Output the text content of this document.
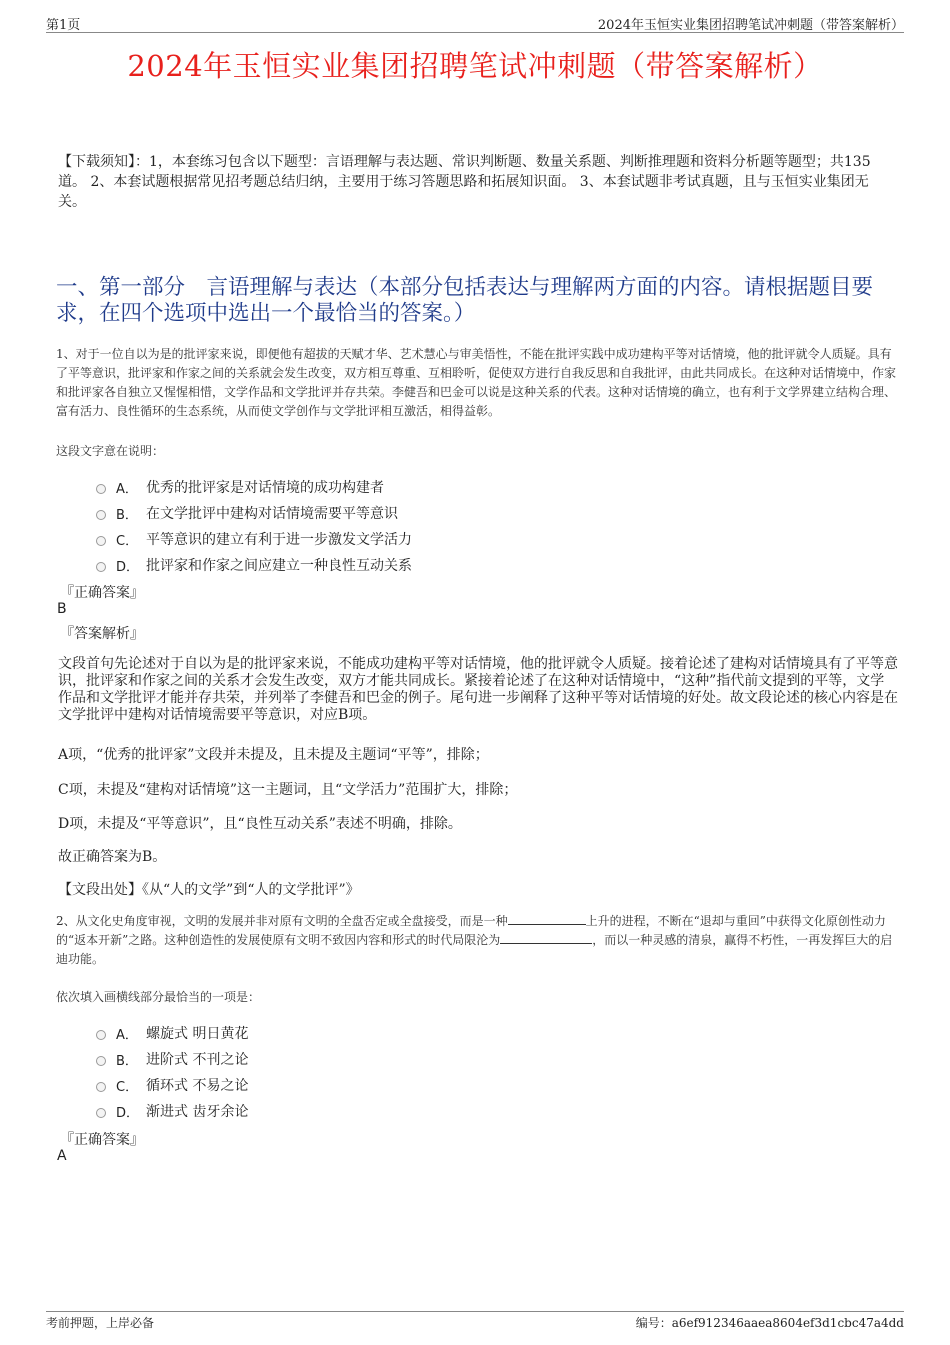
第1页	2024年玉恒实业集团招聘笔试冲刺题（带答案解析）
2024年玉恒实业集团招聘笔试冲刺题（带答案解析）
【下载须知】：1，本套练习包含以下题型：言语理解与表达题、常识判断题、数量关系题、判断推理题和资料分析题等题型；共135道。 2、本套试题根据常见招考题总结归纳，主要用于练习答题思路和拓展知识面。 3、本套试题非考试真题，且与玉恒实业集团无关。
一、第一部分　言语理解与表达（本部分包括表达与理解两方面的内容。请根据题目要求，在四个选项中选出一个最恰当的答案。）
1、对于一位自以为是的批评家来说，即便他有超拔的天赋才华、艺术慧心与审美悟性，不能在批评实践中成功建构平等对话情境，他的批评就令人质疑。具有了平等意识，批评家和作家之间的关系就会发生改变，双方相互尊重、互相聆听，促使双方进行自我反思和自我批评，由此共同成长。在这种对话情境中，作家和批评家各自独立又惺惺相惜，文学作品和文学批评并存共荣。李健吾和巴金可以说是这种关系的代表。这种对话情境的确立，也有利于文学界建立结构合理、富有活力、良性循环的生态系统，从而使文学创作与文学批评相互激活，相得益彰。
这段文字意在说明：
A． 优秀的批评家是对话情境的成功构建者
B． 在文学批评中建构对话情境需要平等意识
C． 平等意识的建立有利于进一步激发文学活力
D． 批评家和作家之间应建立一种良性互动关系
『正确答案』
B
『答案解析』
文段首句先论述对于自以为是的批评家来说，不能成功建构平等对话情境，他的批评就令人质疑。接着论述了建构对话情境具有了平等意识，批评家和作家之间的关系才会发生改变，双方才能共同成长。紧接着论述了在这种对话情境中，“这种”指代前文提到的平等，文学作品和文学批评才能并存共荣，并列举了李健吾和巴金的例子。尾句进一步阐释了这种平等对话情境的好处。故文段论述的核心内容是在文学批评中建构对话情境需要平等意识，对应B项。
A项，“优秀的批评家”文段并未提及，且未提及主题词“平等”，排除；
C项，未提及“建构对话情境”这一主题词，且“文学活力”范围扩大，排除；
D项，未提及“平等意识”，且“良性互动关系”表述不明确，排除。
故正确答案为B。
【文段出处】《从“人的文学”到“人的文学批评”》
2、从文化史角度审视，文明的发展并非对原有文明的全盘否定或全盘接受，而是一种	上升的进程，不断在“退却与重回”中获得文化原创性动力的“返本开新”之路。这种创造性的发展使原有文明不致因内容和形式的时代局限沦为	，而以一种灵感的清泉，赢得不朽性，一再发挥巨大的启迪功能。
依次填入画横线部分最恰当的一项是：
A． 螺旋式 明日黄花
B． 进阶式 不刊之论
C． 循环式 不易之论
D． 渐进式 齿牙余论
『正确答案』
A
考前押题，上岸必备	编号：a6ef912346aaea8604ef3d1cbc47a4dd
